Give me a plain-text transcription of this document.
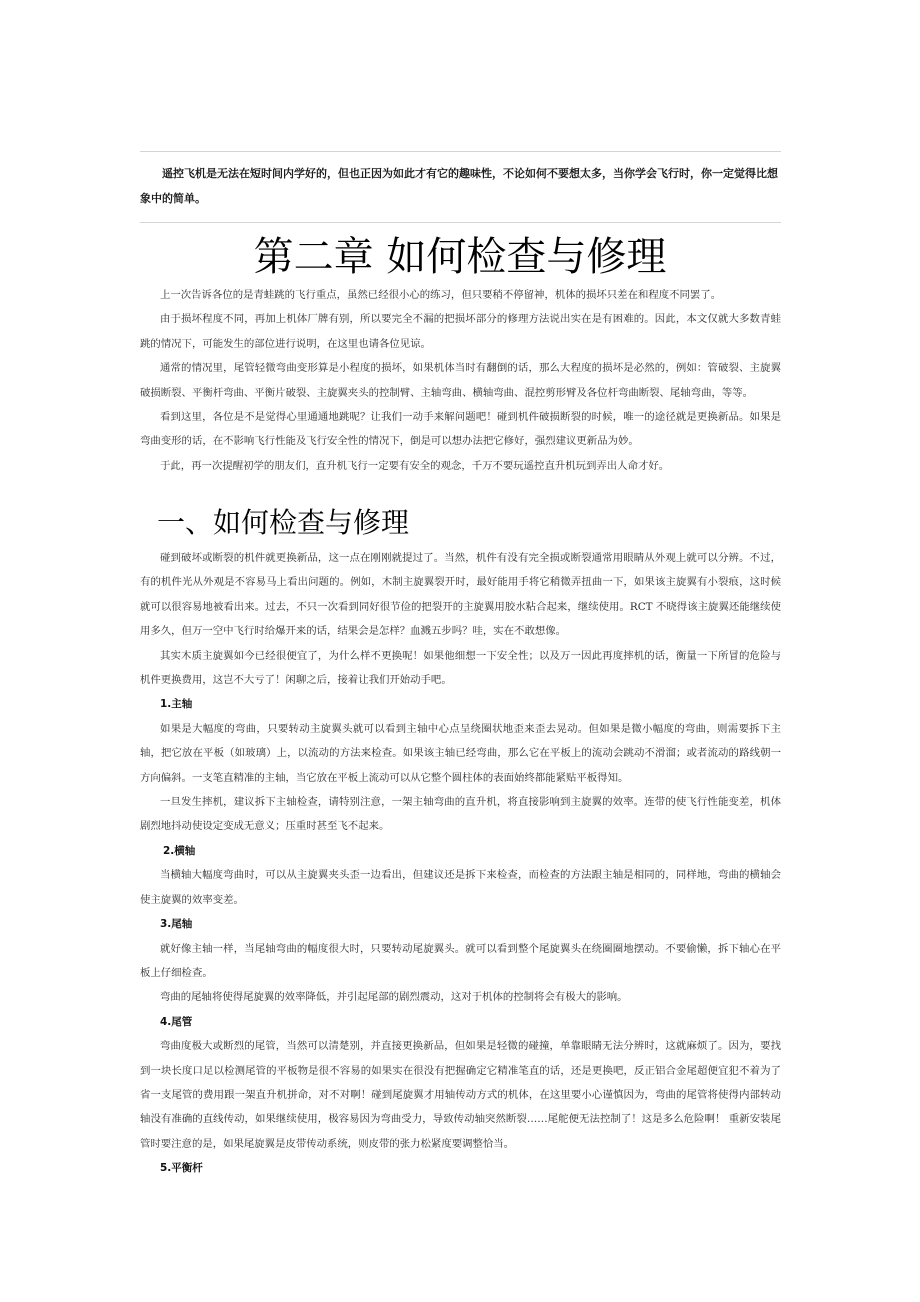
遥控飞机是无法在短时间内学好的，但也正因为如此才有它的趣味性，不论如何不要想太多，当你学会飞行时，你一定觉得比想象中的简单。

第二章 如何检查与修理

上一次告诉各位的是青蛙跳的飞行重点，虽然已经很小心的练习，但只要稍不停留神，机体的损坏只差在和程度不同罢了。

由于损坏程度不同，再加上机体厂牌有别，所以要完全不漏的把损坏部分的修理方法说出实在是有困难的。因此，本文仅就大多数青蛙跳的情况下，可能发生的部位进行说明，在这里也请各位见谅。

通常的情况里，尾管轻微弯曲变形算是小程度的损坏，如果机体当时有翻倒的话，那么大程度的损坏是必然的，例如：管破裂、主旋翼破损断裂、平衡杆弯曲、平衡片破裂、主旋翼夹头的控制臂、主轴弯曲、横轴弯曲、混控剪形臂及各位杆弯曲断裂、尾轴弯曲，等等。

看到这里，各位是不是觉得心里通通地跳呢？让我们一动手来解问题吧！碰到机件破损断裂的时候，唯一的途径就是更换新品。如果是弯曲变形的话，在不影响飞行性能及飞行安全性的情况下，倒是可以想办法把它修好，强烈建议更新品为妙。

于此，再一次提醒初学的朋友们，直升机飞行一定要有安全的观念，千万不要玩遥控直升机玩到弄出人命才好。

一、如何检查与修理

碰到破坏或断裂的机件就更换新品，这一点在刚刚就提过了。当然，机件有没有完全损或断裂通常用眼睛从外观上就可以分辨。不过，有的机件光从外观是不容易马上看出问题的。例如，木制主旋翼裂开时，最好能用手将它稍微弄扭曲一下，如果该主旋翼有小裂痕，这时候就可以很容易地被看出来。过去，不只一次看到同好很节俭的把裂开的主旋翼用胶水粘合起来，继续使用。RCT 不晓得该主旋翼还能继续使用多久，但万一空中飞行时给爆开来的话，结果会是怎样？血溅五步吗？哇，实在不敢想像。

其实木质主旋翼如今已经很便宜了，为什么样不更换呢！如果他细想一下安全性；以及万一因此再度摔机的话，衡量一下所冒的危险与机件更换费用，这岂不大亏了！闲聊之后，接着让我们开始动手吧。

1.主轴

如果是大幅度的弯曲，只要转动主旋翼头就可以看到主轴中心点呈绕圈状地歪来歪去晃动。但如果是微小幅度的弯曲，则需要拆下主轴，把它放在平板（如玻璃）上，以流动的方法来检查。如果该主轴已经弯曲，那么它在平板上的流动会跳动不滑溜；或者流动的路线朝一方向偏斜。一支笔直精准的主轴，当它放在平板上流动可以从它整个圆柱体的表面始终都能紧贴平板得知。

一旦发生摔机，建议拆下主轴检查，请特别注意，一架主轴弯曲的直升机，将直接影响到主旋翼的效率。连带的使飞行性能变差，机体剧烈地抖动使设定变成无意义；压重时甚至飞不起来。

2.横轴

当横轴大幅度弯曲时，可以从主旋翼夹头歪一边看出，但建议还是拆下来检查，而检查的方法跟主轴是相同的，同样地，弯曲的横轴会使主旋翼的效率变差。

3.尾轴

就好像主轴一样，当尾轴弯曲的幅度很大时，只要转动尾旋翼头。就可以看到整个尾旋翼头在绕圈圈地摆动。不要偷懒，拆下轴心在平板上仔细检查。

弯曲的尾轴将使得尾旋翼的效率降低，并引起尾部的剧烈震动，这对于机体的控制将会有极大的影响。

4.尾管

弯曲度极大或断烈的尾管，当然可以清楚别，并直接更换新品，但如果是轻微的碰撞，单靠眼睛无法分辨时，这就麻烦了。因为，要找到一块长度口足以检测尾管的平板物是很不容易的如果实在很没有把握确定它精准笔直的话，还是更换吧，反正铝合金尾超便宜犯不着为了省一支尾管的费用跟一架直升机拼命，对不对啊！碰到尾旋翼才用轴传动方式的机体，在这里要小心谨慎因为，弯曲的尾管将使得内部转动轴没有准确的直线传动，如果继续使用，极容易因为弯曲受力，导致传动轴突然断裂……尾舵便无法控制了！这是多么危险啊！ 重新安装尾管时要注意的是，如果尾旋翼是皮带传动系统，则皮带的张力松紧度要调整恰当。

5.平衡杆
